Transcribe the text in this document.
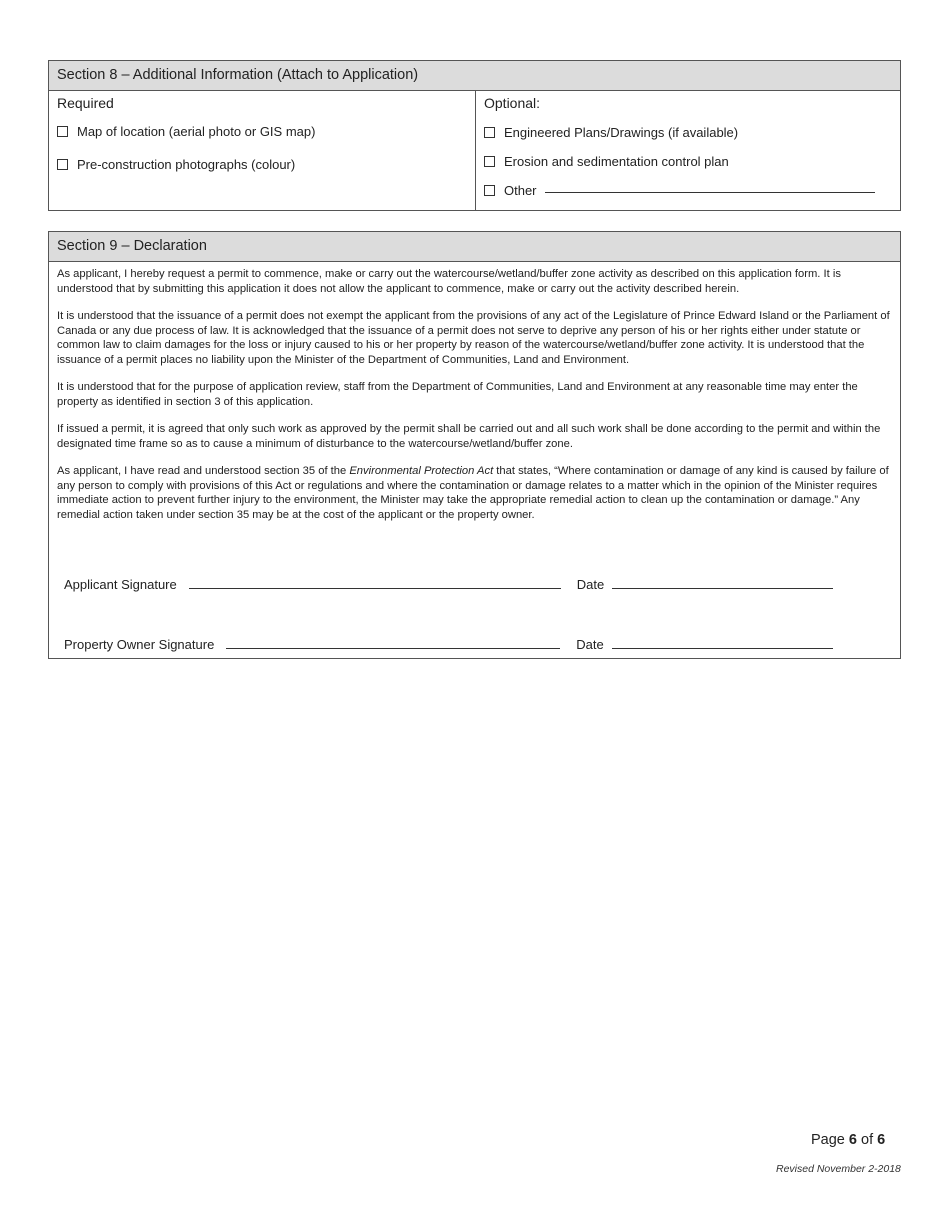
Section 8 – Additional Information (Attach to Application)
Required
Map of location (aerial photo or GIS map)
Pre-construction photographs (colour)
Optional:
Engineered Plans/Drawings (if available)
Erosion and sedimentation control plan
Other
Section 9 – Declaration

As applicant, I hereby request a permit to commence, make or carry out the watercourse/wetland/buffer zone activity as described on this application form. It is understood that by submitting this application it does not allow the applicant to commence, make or carry out the activity described herein.

It is understood that the issuance of a permit does not exempt the applicant from the provisions of any act of the Legislature of Prince Edward Island or the Parliament of Canada or any due process of law. It is acknowledged that the issuance of a permit does not serve to deprive any person of his or her rights either under statute or common law to claim damages for the loss or injury caused to his or her property by reason of the watercourse/wetland/buffer zone activity. It is understood that the issuance of a permit places no liability upon the Minister of the Department of Communities, Land and Environment.

It is understood that for the purpose of application review, staff from the Department of Communities, Land and Environment at any reasonable time may enter the property as identified in section 3 of this application.

If issued a permit, it is agreed that only such work as approved by the permit shall be carried out and all such work shall be done according to the permit and within the designated time frame so as to cause a minimum of disturbance to the watercourse/wetland/buffer zone.

As applicant, I have read and understood section 35 of the Environmental Protection Act that states, “Where contamination or damage of any kind is caused by failure of any person to comply with provisions of this Act or regulations and where the contamination or damage relates to a matter which in the opinion of the Minister requires immediate action to prevent further injury to the environment, the Minister may take the appropriate remedial action to clean up the contamination or damage.” Any remedial action taken under section 35 may be at the cost of the applicant or the property owner.

Applicant Signature	Date
Property Owner Signature	Date
Page 6 of 6
Revised November 2-2018
